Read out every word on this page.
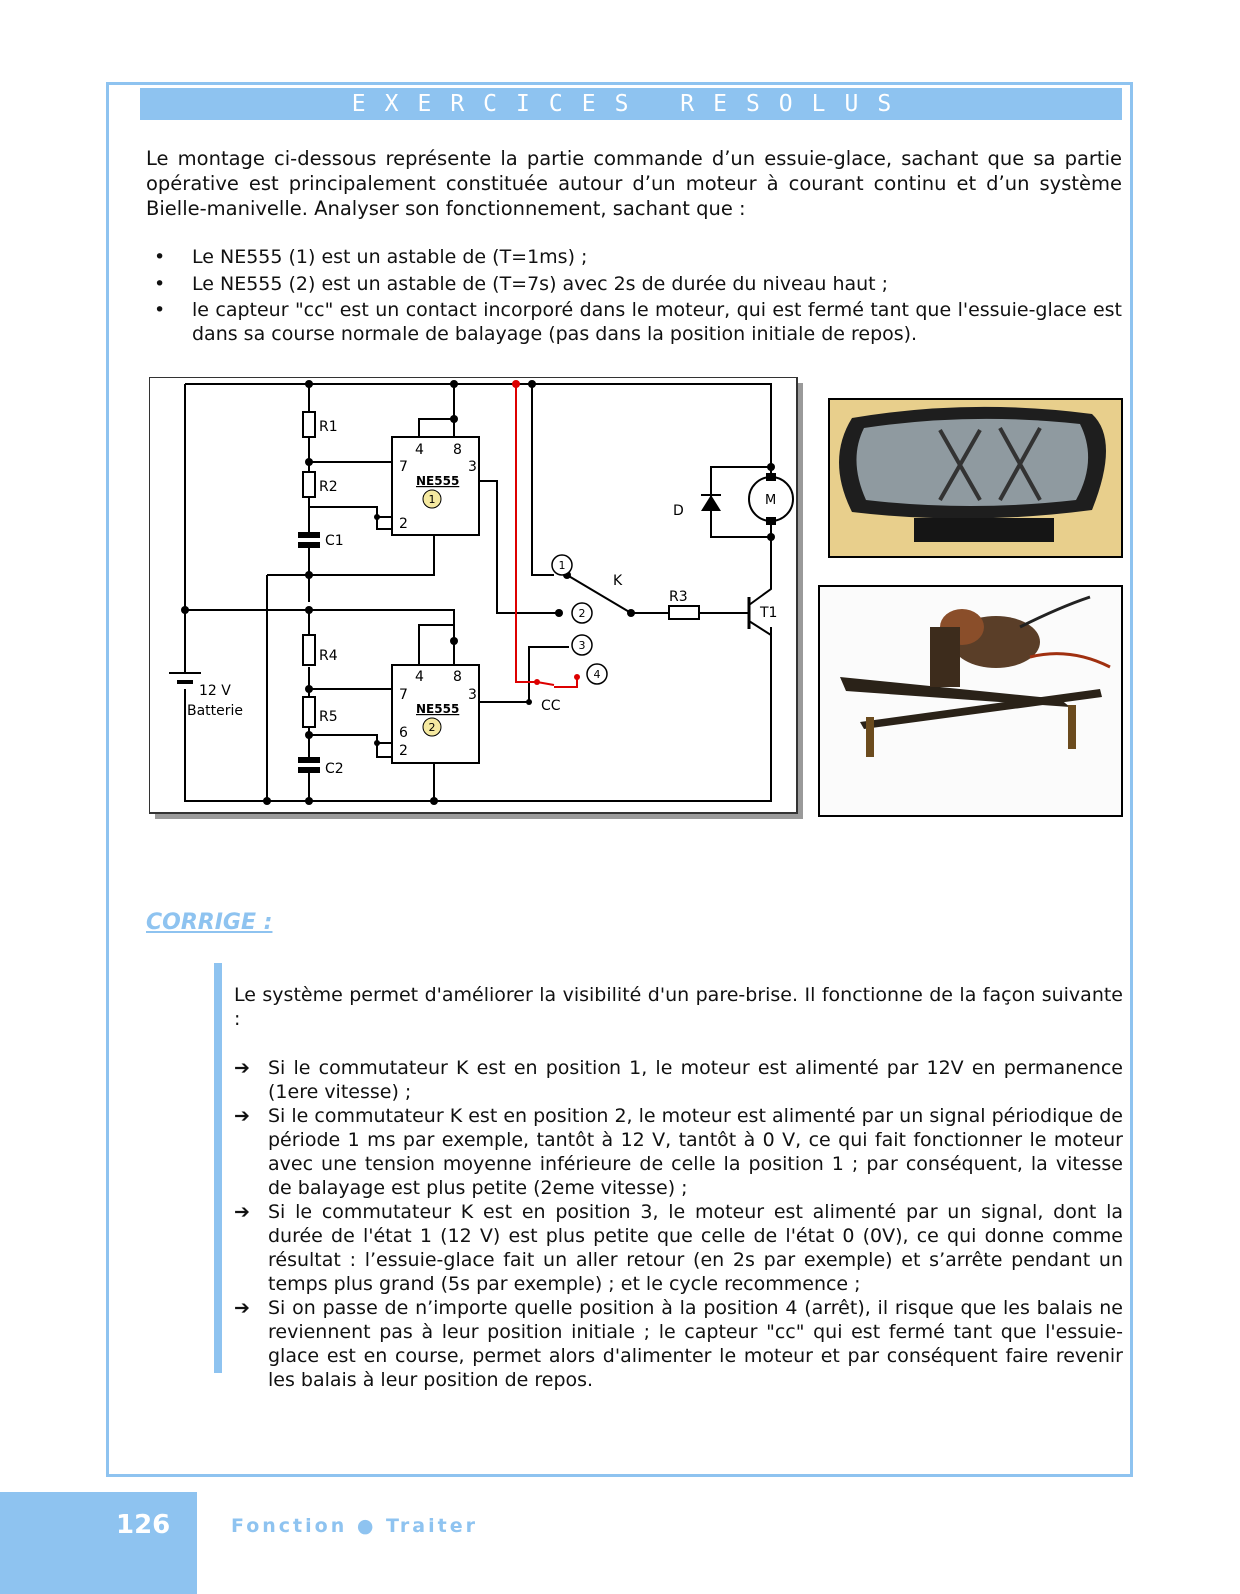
EXERCICES RESOLUS

Le montage ci-dessous représente la partie commande d’un essuie-glace, sachant que sa partie opérative est principalement constituée autour d’un moteur à courant continu et d’un système Bielle-manivelle. Analyser son fonctionnement, sachant que :

• Le NE555 (1) est un astable de (T=1ms) ;
• Le NE555 (2) est un astable de (T=7s) avec 2s de durée du niveau haut ;
• le capteur "cc" est un contact incorporé dans le moteur, qui est fermé tant que l'essuie-glace est dans sa course normale de balayage (pas dans la position initiale de repos).
R1
R2
C1
R4
R5
C2
R3
T1
D
M
K
CC
4 8
7	3
2
4 8
7	3
6
2
12 V
Batterie
NE555
NE555
1
2
1
2
3
4
CORRIGE :

Le système permet d'améliorer la visibilité d'un pare-brise. Il fonctionne de la façon suivante :

➔ Si le commutateur K est en position 1, le moteur est alimenté par 12V en permanence (1ere vitesse) ;

➔ Si le commutateur K est en position 2, le moteur est alimenté par un signal périodique de période 1 ms par exemple, tantôt à 12 V, tantôt à 0 V, ce qui fait fonctionner le moteur avec une tension moyenne inférieure de celle la position 1 ; par conséquent, la vitesse de balayage est plus petite (2eme vitesse) ;

➔ Si le commutateur K est en position 3, le moteur est alimenté par un signal, dont la durée de l'état 1 (12 V) est plus petite que celle de l'état 0 (0V), ce qui donne comme résultat : l’essuie-glace fait un aller retour (en 2s par exemple) et s’arrête pendant un temps plus grand (5s par exemple) ; et le cycle recommence ;

➔ Si on passe de n’importe quelle position à la position 4 (arrêt), il risque que les balais ne reviennent pas à leur position initiale ; le capteur "cc" qui est fermé tant que l'essuie-glace est en course, permet alors d'alimenter le moteur et par conséquent faire revenir les balais à leur position de repos.

126	Fonction ● Traiter
